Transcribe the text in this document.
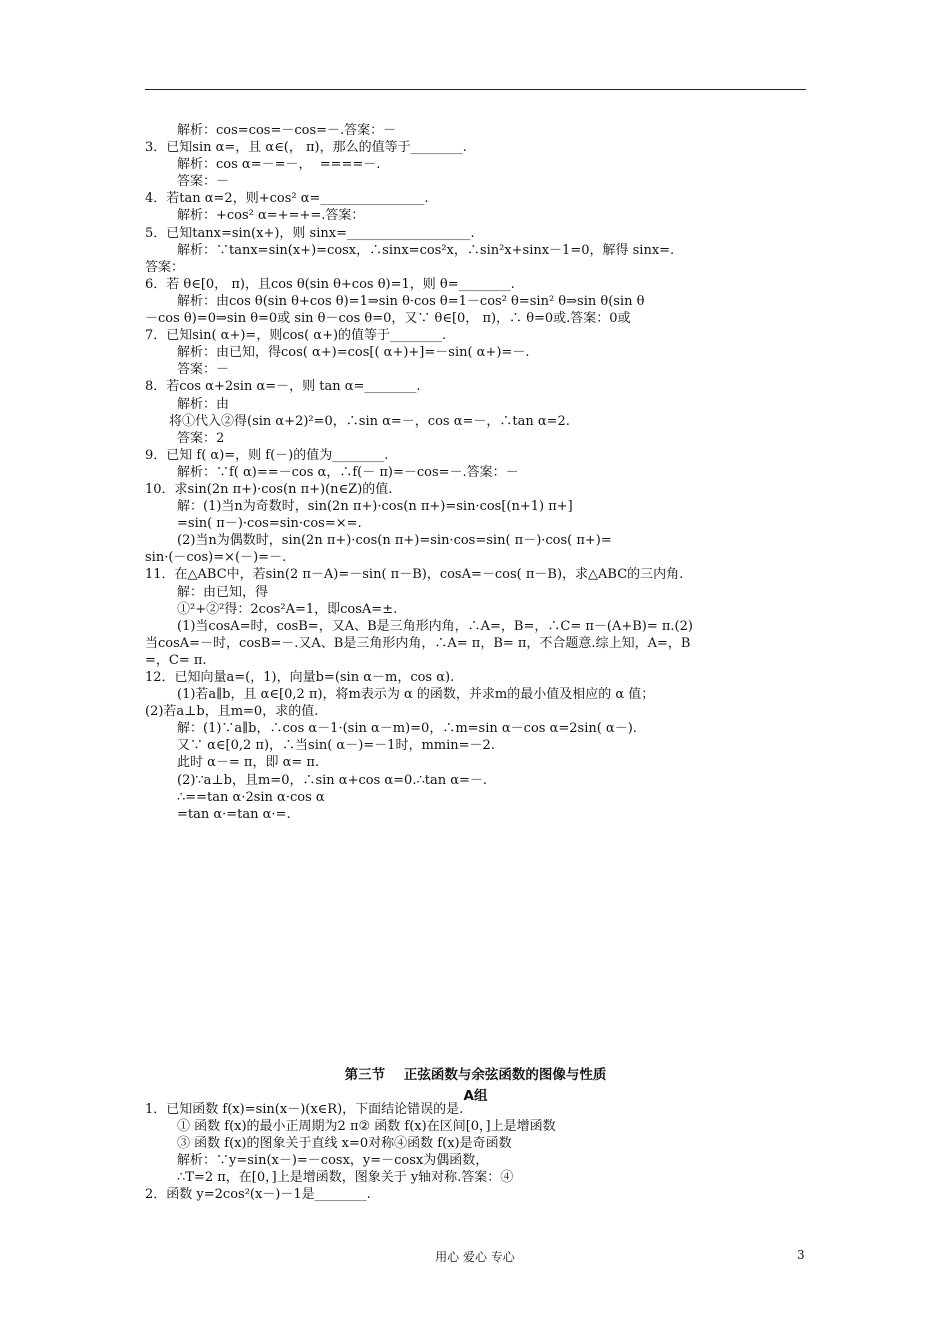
解析：cos=cos=－cos=－.答案：－
3．已知sin α=，且 α∈(， π)，那么的值等于________.
解析：cos α=－=－，  ====－.
答案：－
4．若tan α=2，则+cos² α=________________.
解析：+cos² α=+=+=.答案：
5．已知tanx=sin(x+)，则 sinx=___________________.
解析：∵tanx=sin(x+)=cosx，∴sinx=cos²x，∴sin²x+sinx－1=0，解得 sinx=.
答案：
6．若 θ∈[0， π)，且cos θ(sin θ+cos θ)=1，则 θ=________.
解析：由cos θ(sin θ+cos θ)=1⇒sin θ·cos θ=1－cos² θ=sin² θ⇒sin θ(sin θ
－cos θ)=0⇒sin θ=0或 sin θ－cos θ=0，又∵ θ∈[0， π)，∴ θ=0或.答案：0或
7．已知sin( α+)=，则cos( α+)的值等于________.
解析：由已知，得cos( α+)=cos[( α+)+]=－sin( α+)=－.
答案：－
8．若cos α+2sin α=－，则 tan α=________.
解析：由
将①代入②得(sin α+2)²=0，∴sin α=－，cos α=－，∴tan α=2.
答案：2
9．已知 f( α)=，则 f(－)的值为________.
解析：∵f( α)==－cos α，∴f(－ π)=－cos=－.答案：－
10．求sin(2n π+)·cos(n π+)(n∈Z)的值.
解：(1)当n为奇数时，sin(2n π+)·cos(n π+)=sin·cos[(n+1) π+]
=sin( π－)·cos=sin·cos=×=.
(2)当n为偶数时，sin(2n π+)·cos(n π+)=sin·cos=sin( π－)·cos( π+)=
sin·(－cos)=×(－)=－.
11．在△ABC中，若sin(2 π－A)=－sin( π－B)，cosA=－cos( π－B)，求△ABC的三内角.
解：由已知，得
①²+②²得：2cos²A=1，即cosA=±.
(1)当cosA=时，cosB=，又A、B是三角形内角，∴A=，B=，∴C= π－(A+B)= π.(2)
当cosA=－时，cosB=－.又A、B是三角形内角，∴A= π，B= π，不合题意.综上知，A=，B
=，C= π.
12．已知向量a=(，1)，向量b=(sin α－m，cos α).
(1)若a∥b，且 α∈[0,2 π)，将m表示为 α 的函数，并求m的最小值及相应的 α 值；
(2)若a⊥b，且m=0，求的值.
解：(1)∵a∥b，∴cos α－1·(sin α－m)=0，∴m=sin α－cos α=2sin( α－).
又∵ α∈[0,2 π)，∴当sin( α－)=－1时，mmin=－2.
此时 α－= π，即 α= π.
(2)∵a⊥b，且m=0，∴sin α+cos α=0.∴tan α=－.
∴==tan α·2sin α·cos α
=tan α·=tan α·=.
第三节    正弦函数与余弦函数的图像与性质
A组
1．已知函数 f(x)=sin(x－)(x∈R)，下面结论错误的是.
① 函数 f(x)的最小正周期为2 π② 函数 f(x)在区间[0，]上是增函数
③ 函数 f(x)的图象关于直线 x=0对称④函数 f(x)是奇函数
解析：∵y=sin(x－)=－cosx，y=－cosx为偶函数，
∴T=2 π，在[0，]上是增函数，图象关于 y轴对称.答案：④
2．函数 y=2cos²(x－)－1是________.
用心 爱心 专心	3
